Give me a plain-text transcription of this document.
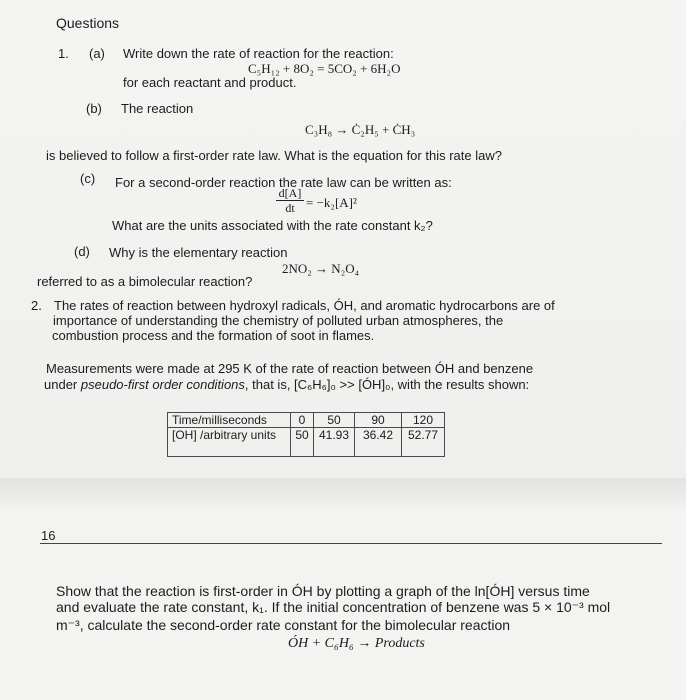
Questions
1. (a) Write down the rate of reaction for the reaction:
C₅H₁₂ + 8O₂ = 5CO₂ + 6H₂O
for each reactant and product.
(b) The reaction
C₃H₈ → Ċ₂H₅ + ĊH₃
is believed to follow a first-order rate law. What is the equation for this rate law?
(c) For a second-order reaction the rate law can be written as:
d[A]
dt = −k₂[A]²
What are the units associated with the rate constant k₂?
(d) Why is the elementary reaction
2NO₂ → N₂O₄
referred to as a bimolecular reaction?
2. The rates of reaction between hydroxyl radicals, ÓH, and aromatic hydrocarbons are of
importance of understanding the chemistry of polluted urban atmospheres, the
combustion process and the formation of soot in flames.
Measurements were made at 295 K of the rate of reaction between ÓH and benzene
under pseudo-first order conditions, that is, [C₆H₆]₀ >> [ÓH]₀, with the results shown:
Time/milliseconds	0	50	90	120
[OH] /arbitrary units	50	41.93	36.42	52.77
16
Show that the reaction is first-order in ÓH by plotting a graph of the ln[ÓH] versus time
and evaluate the rate constant, k₁. If the initial concentration of benzene was 5 × 10⁻³ mol
m⁻³, calculate the second-order rate constant for the bimolecular reaction
ÓH + C₆H₆ → Products
